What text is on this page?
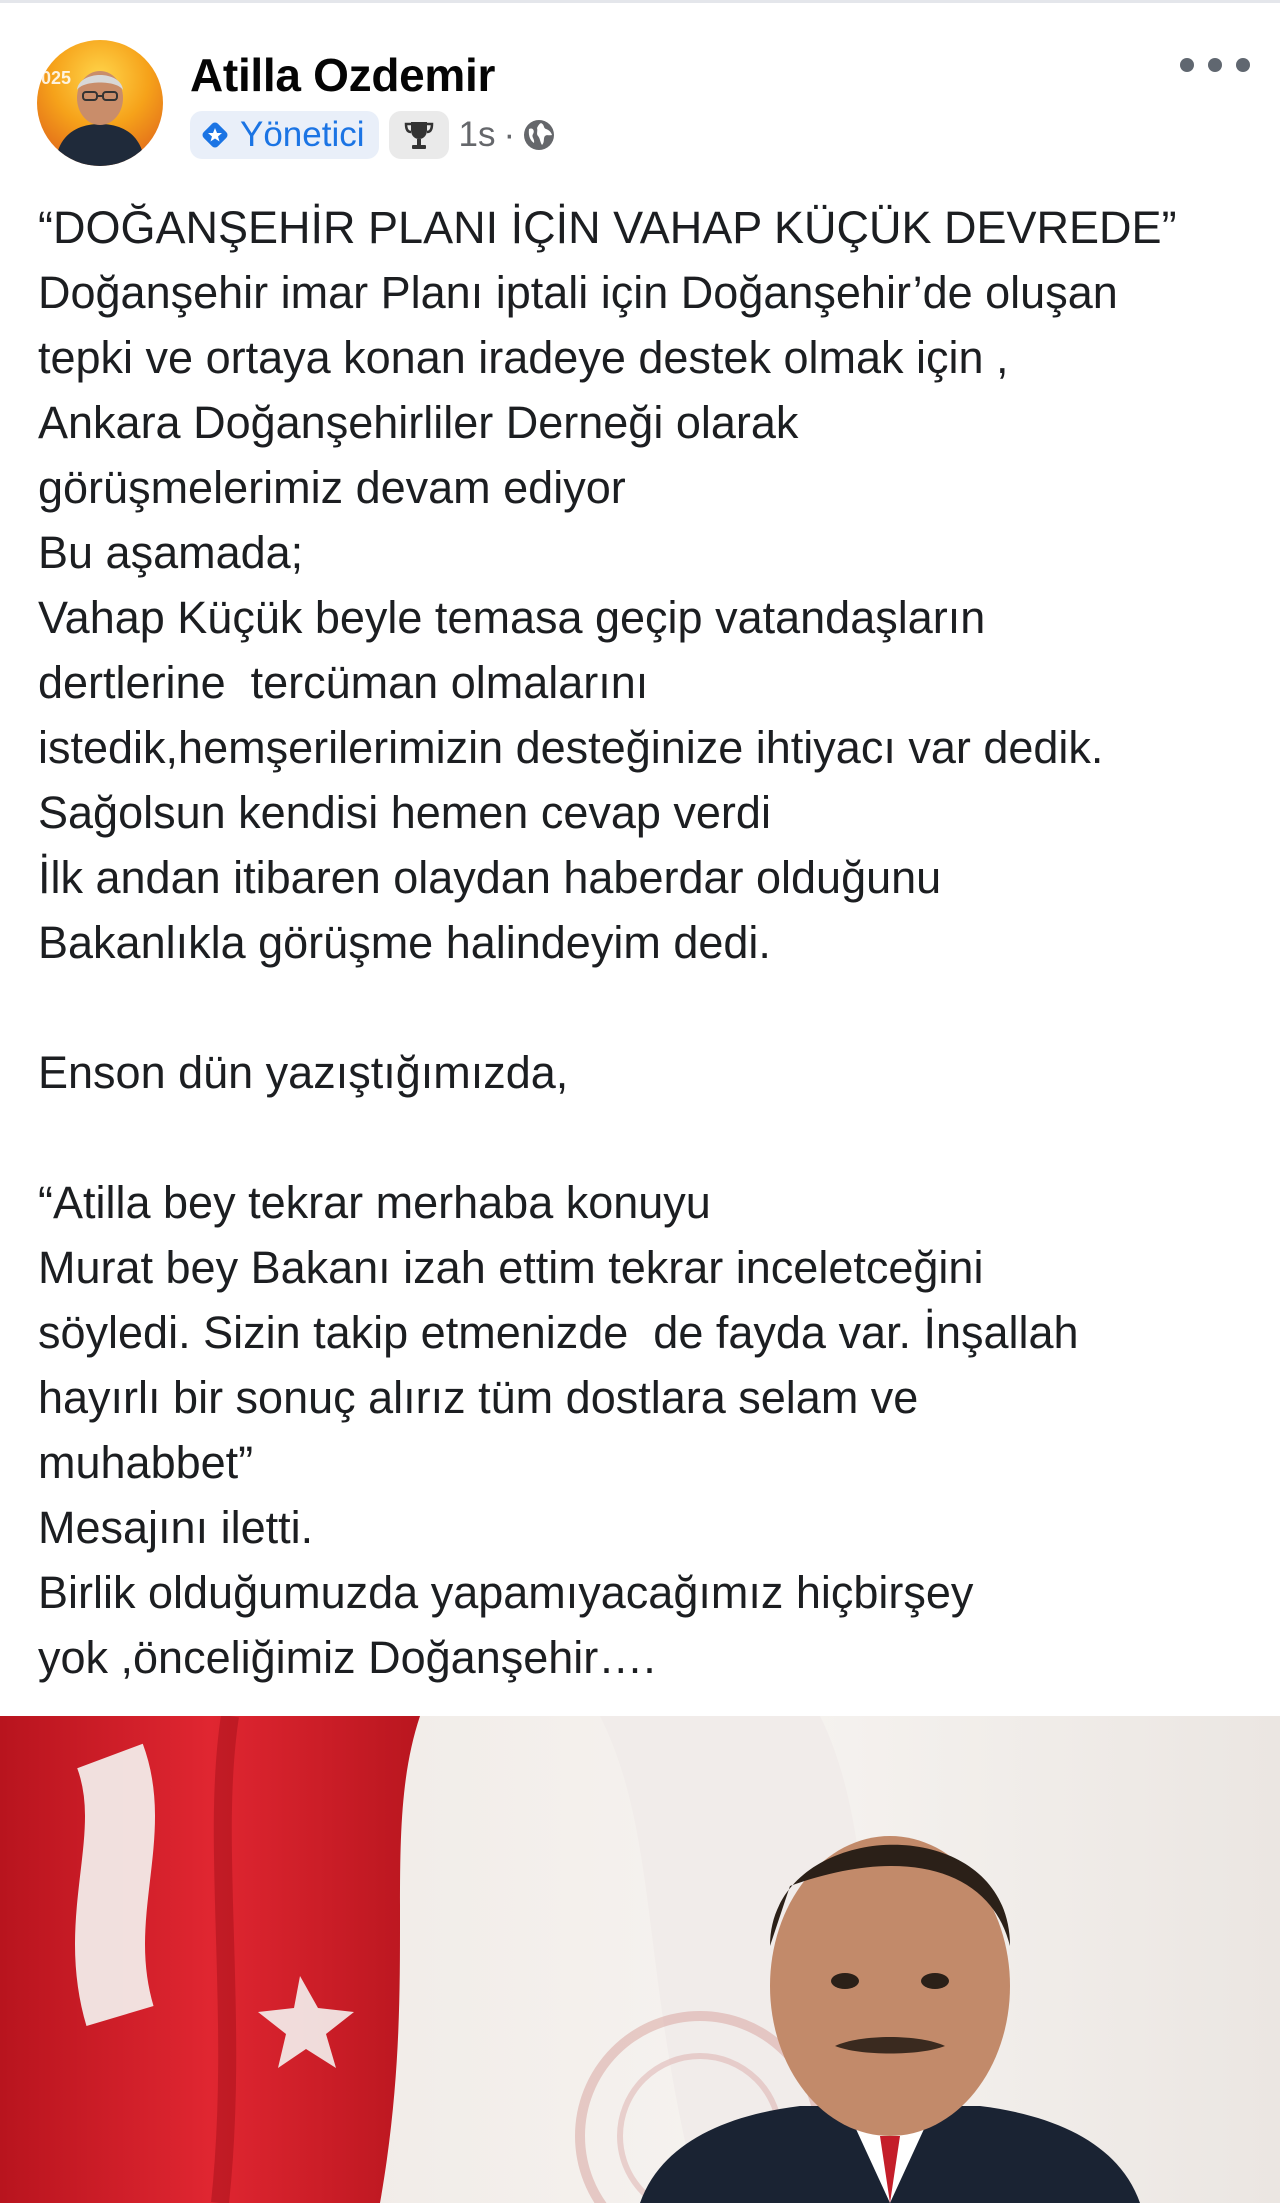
025	Atilla Ozdemir
Yönetici	1s ·
“DOĞANŞEHİR PLANI İÇİN VAHAP KÜÇÜK DEVREDE”
Doğanşehir imar Planı iptali için Doğanşehir’de oluşan
tepki ve ortaya konan iradeye destek olmak için ,
Ankara Doğanşehirliler Derneği olarak
görüşmelerimiz devam ediyor
Bu aşamada;
Vahap Küçük beyle temasa geçip vatandaşların
dertlerine  tercüman olmalarını
istedik,hemşerilerimizin desteğinize ihtiyacı var dedik.
Sağolsun kendisi hemen cevap verdi
İlk andan itibaren olaydan haberdar olduğunu
Bakanlıkla görüşme halindeyim dedi.
Enson dün yazıştığımızda,
“Atilla bey tekrar merhaba konuyu
Murat bey Bakanı izah ettim tekrar inceletceğini
söyledi. Sizin takip etmenizde  de fayda var. İnşallah
hayırlı bir sonuç alırız tüm dostlara selam ve
muhabbet”
Mesajını iletti.
Birlik olduğumuzda yapamıyacağımız hiçbirşey
yok ,önceliğimiz Doğanşehir….
